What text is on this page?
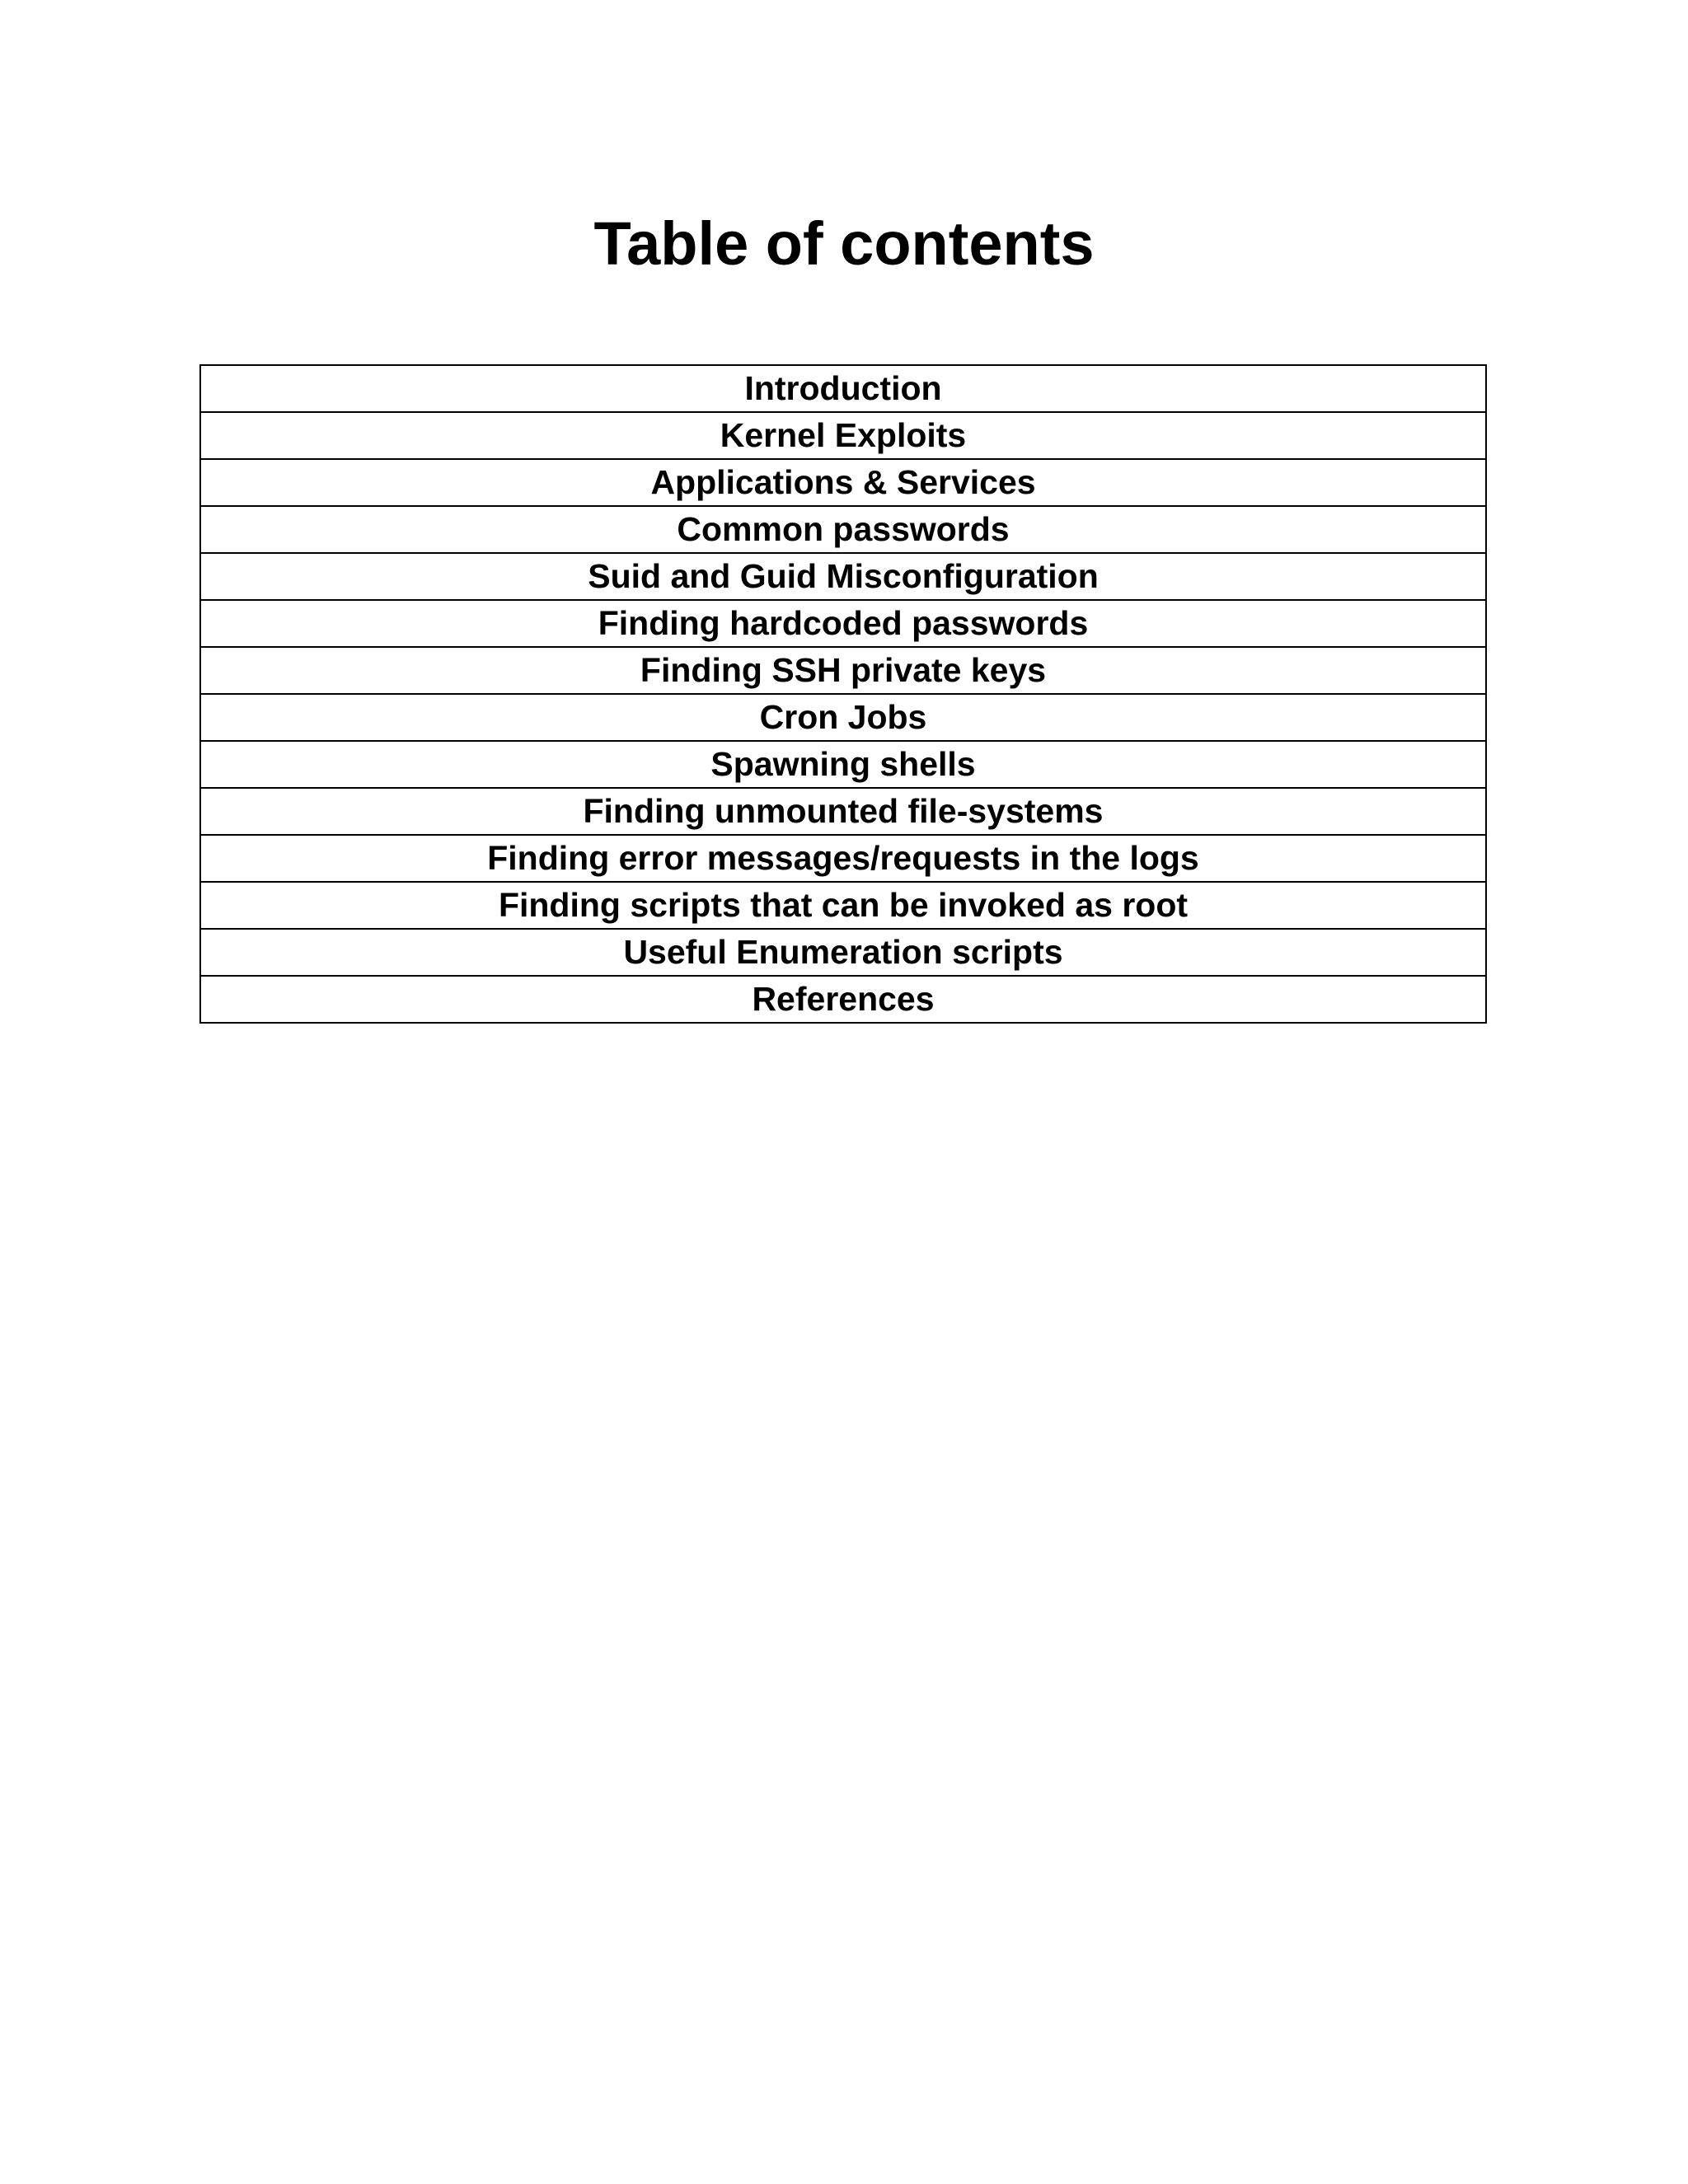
Table of contents
Introduction
Kernel Exploits
Applications & Services
Common passwords
Suid and Guid Misconfiguration
Finding hardcoded passwords
Finding SSH private keys
Cron Jobs
Spawning shells
Finding unmounted file-systems
Finding error messages/requests in the logs
Finding scripts that can be invoked as root
Useful Enumeration scripts
References
